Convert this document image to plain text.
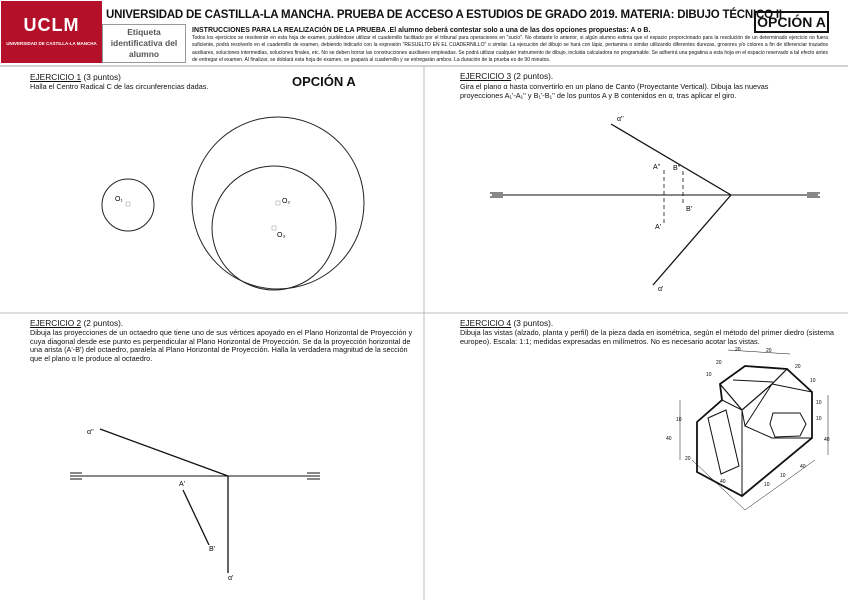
UCLM
UNIVERSIDAD DE CASTILLA-LA MANCHA
Etiqueta identificativa del alumno
UNIVERSIDAD DE CASTILLA-LA MANCHA. PRUEBA DE ACCESO A ESTUDIOS DE GRADO 2019. MATERIA: DIBUJO TÉCNICO II
OPCIÓN A
INSTRUCCIONES PARA LA REALIZACIÓN DE LA PRUEBA .El alumno deberá contestar solo a una de las dos opciones propuestas: A o B.
Todos los ejercicios se resolverán en esta hoja de examen, pudiéndose utilizar el cuadernillo facilitado por el tribunal para operaciones en "sucio". No obstante lo anterior, si algún alumno estima que el espacio proporcionado para la resolución de un determinado ejercicio no fuera suficiente, podrá resolverlo en el cuadernillo de examen, debiendo indicarlo con la expresión "RESUELTO EN EL CUADERNILLO" o similar. La ejecución del dibujo se hará con lápiz, pertamina o similar utilizando diferentes durezas, grosores y/o colores a fin de diferenciar trazados auxiliares, soluciones intermedias, soluciones finales, etc. No se deben borrar las construcciones auxiliares empleadas. Se podrá utilizar cualquier instrumento de dibujo, incluida calculadora no programable. Se adherirá una pegatina a esta hoja en el espacio reservado a tal efecto antes de entregar el examen. Al finalizar, se doblará esta hoja de examen, se grapará al cuadernillo y se entregarán ambos. La duración de la prueba es de 90 minutos.
EJERCICIO 1 (3 puntos)
Halla el Centro Radical C de las circunferencias dadas.	OPCIÓN A	EJERCICIO 3 (2 puntos).
Gira el plano α hasta convertirlo en un plano de Canto (Proyectante Vertical). Dibuja las nuevas proyecciones A₁'-A₁'' y B₁'-B₁'' de los puntos A y B contenidos en α, tras aplicar el giro.
EJERCICIO 2 (2 puntos).
Dibuja las proyecciones de un octaedro que tiene uno de sus vértices apoyado en el Plano Horizontal de Proyección y cuya diagonal desde ese punto es perpendicular al Plano Horizontal de Proyección. Se da la proyección horizontal de una arista (A'-B') del octaedro, paralela al Plano Horizontal de Proyección. Halla la verdadera magnitud de la sección que el plano α le produce al octaedro.
EJERCICIO 4 (3 puntos).
Dibuja las vistas (alzado, planta y perfil) de la pieza dada en isométrica, según el método del primer diedro (sistema europeo). Escala: 1:1; medidas expresadas en milímetros. No es necesario acotar las vistas.
O₁	O₂
O₃
α''
A'' B''
B'
A'
α'
α''
A'
B'
α'
20	20
20
20
10
10
10
10	10
40	40
40
20
10
40
10
